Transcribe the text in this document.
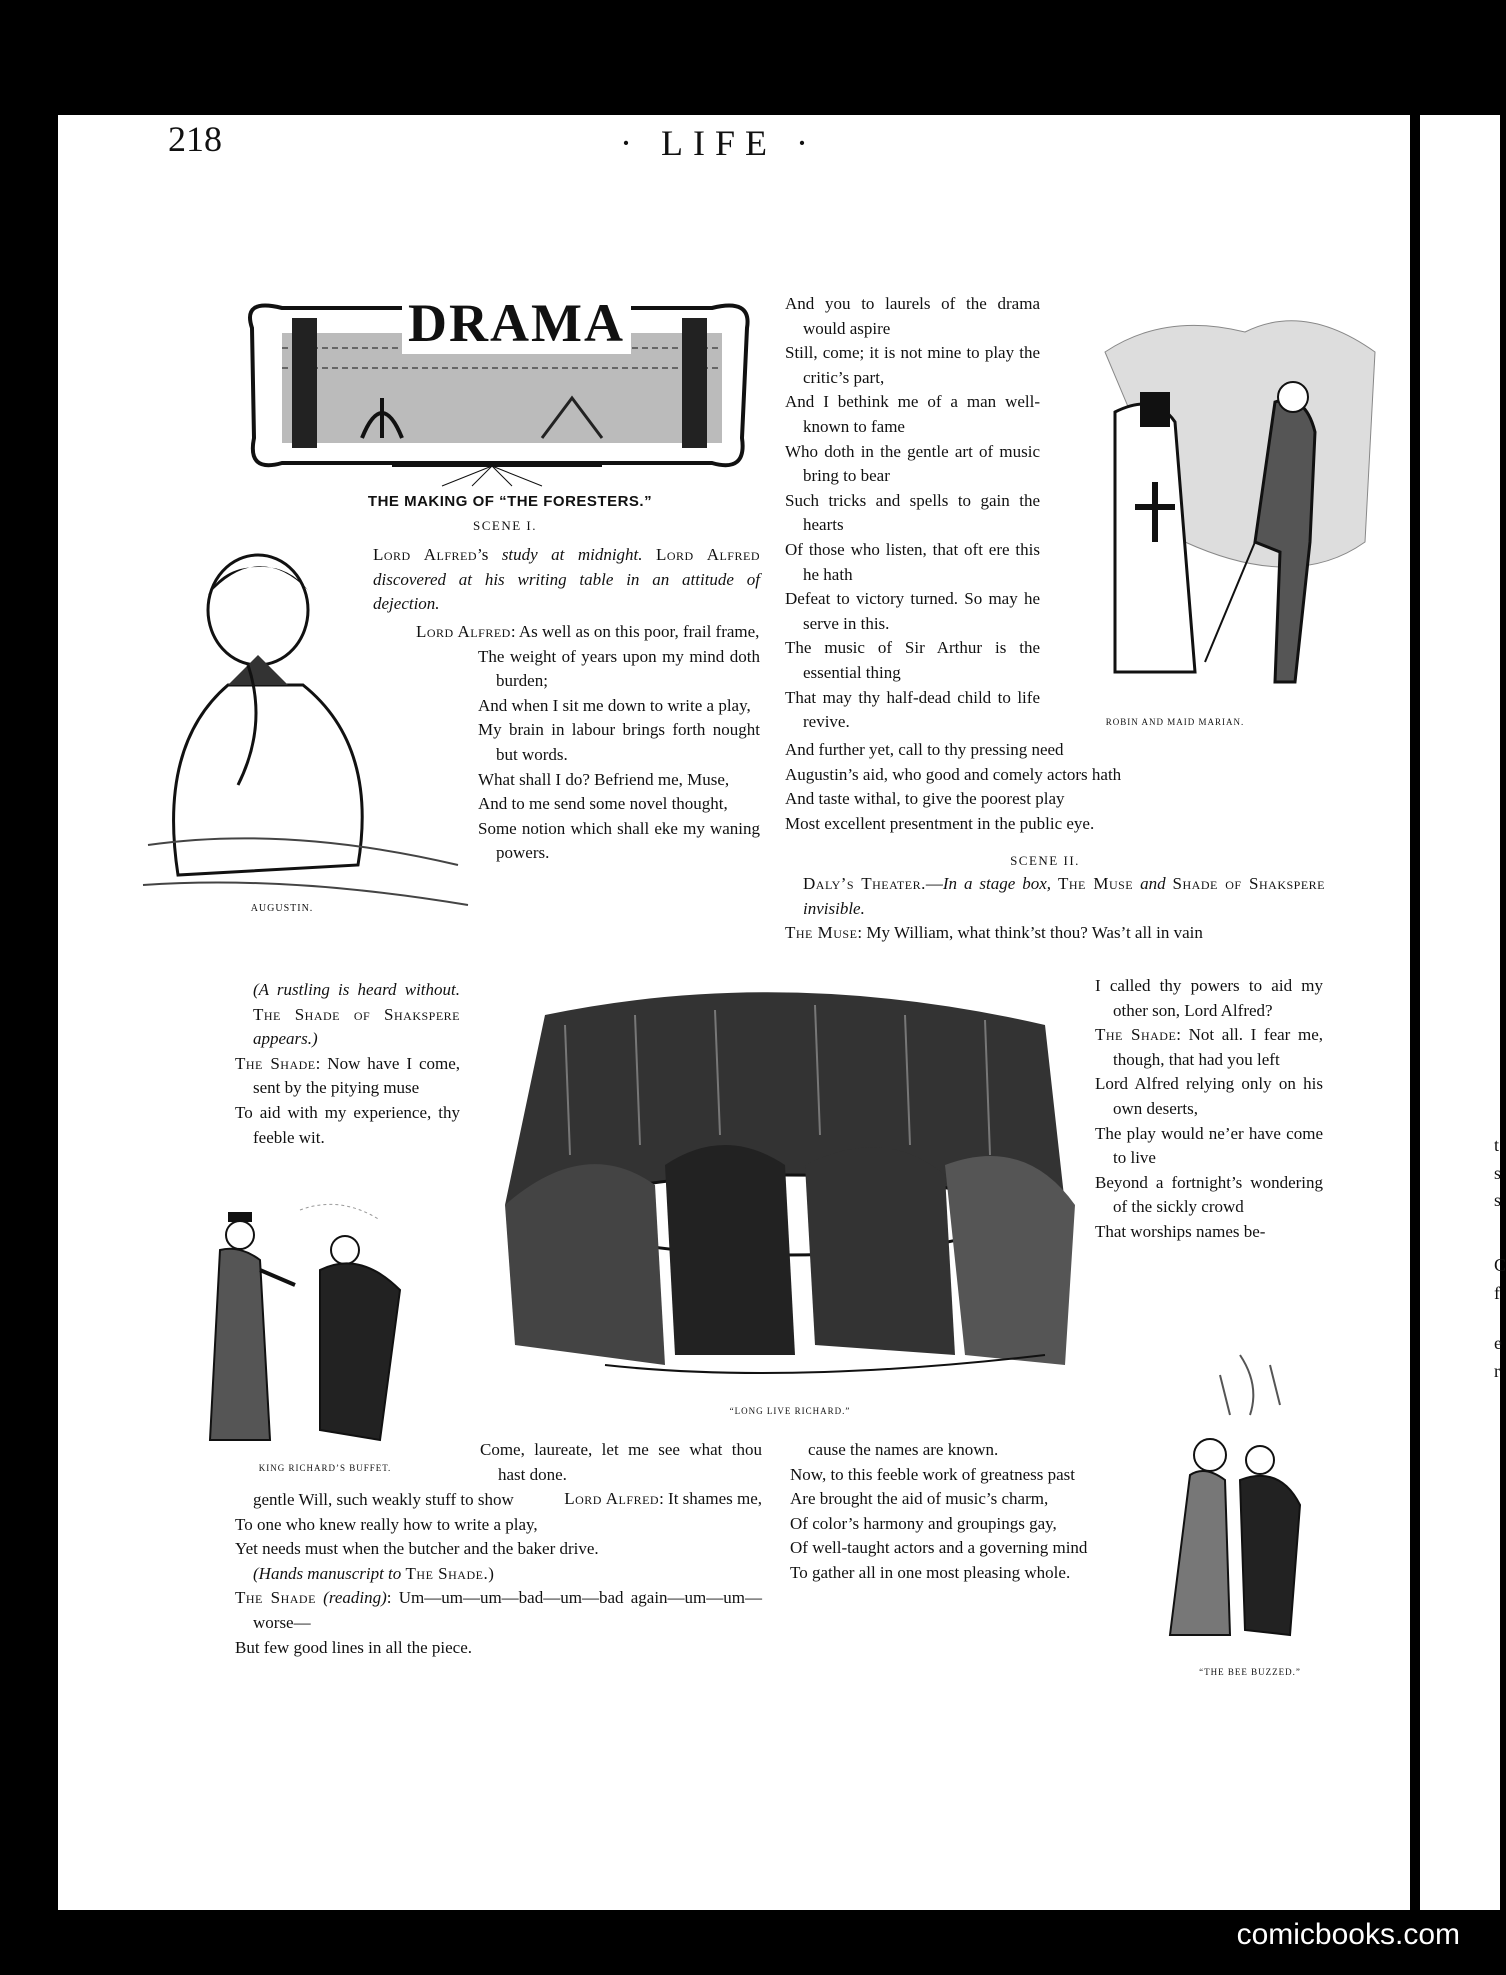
t
s
s
C
f
e
r
218	· LIFE ·
DRAMA
THE MAKING OF “THE FORESTERS.”
SCENE I.
AUGUSTIN.

Lord Alfred’s study at midnight. Lord Alfred discovered at his writing table in an attitude of dejection.

Lord Alfred: As well as on this poor, frail frame,

The weight of years upon my mind doth burden;

And when I sit me down to write a play,

My brain in labour brings forth nought but words.

What shall I do? Befriend me, Muse,

And to me send some novel thought,

Some notion which shall eke my waning powers.

And you to laurels of the drama would aspire

Still, come; it is not mine to play the critic’s part,

And I bethink me of a man well-known to fame

Who doth in the gentle art of music bring to bear

Such tricks and spells to gain the hearts

Of those who listen, that oft ere this he hath

Defeat to victory turned. So may he serve in this.

The music of Sir Arthur is the essential thing

That may thy half-dead child to life revive.	ROBIN AND MAID MARIAN.

And further yet, call to thy pressing need

Augustin’s aid, who good and comely actors hath

And taste withal, to give the poorest play

Most excellent presentment in the public eye.

SCENE II.

Daly’s Theater.—In a stage box, The Muse and Shade of Shakspere invisible.

The Muse: My William, what think’st thou? Was’t all in vain

I called thy powers to aid my other son, Lord Alfred?

The Shade: Not all. I fear me, though, that had you left

Lord Alfred relying only on his own deserts,

The play would ne’er have come to live

Beyond a fortnight’s wondering of the sickly crowd

That worships names be-

(A rustling is heard without. The Shade of Shakspere appears.)

The Shade: Now have I come, sent by the pitying muse

To aid with my experience, thy feeble wit.

“LONG LIVE RICHARD.”
KING RICHARD’S BUFFET.

Come, laureate, let me see what thou hast done.

Lord Alfred: It shames me,

gentle Will, such weakly stuff to show

To one who knew really how to write a play,

Yet needs must when the butcher and the baker drive.

(Hands manuscript to The Shade.)

The Shade (reading): Um—um—um—bad—um—bad again—um—um—worse—

But few good lines in all the piece.

cause the names are known.

Now, to this feeble work of greatness past

Are brought the aid of music’s charm,

Of color’s harmony and groupings gay,

Of well-taught actors and a governing mind

To gather all in one most pleasing whole.

“THE BEE BUZZED.”
comicbooks.com
